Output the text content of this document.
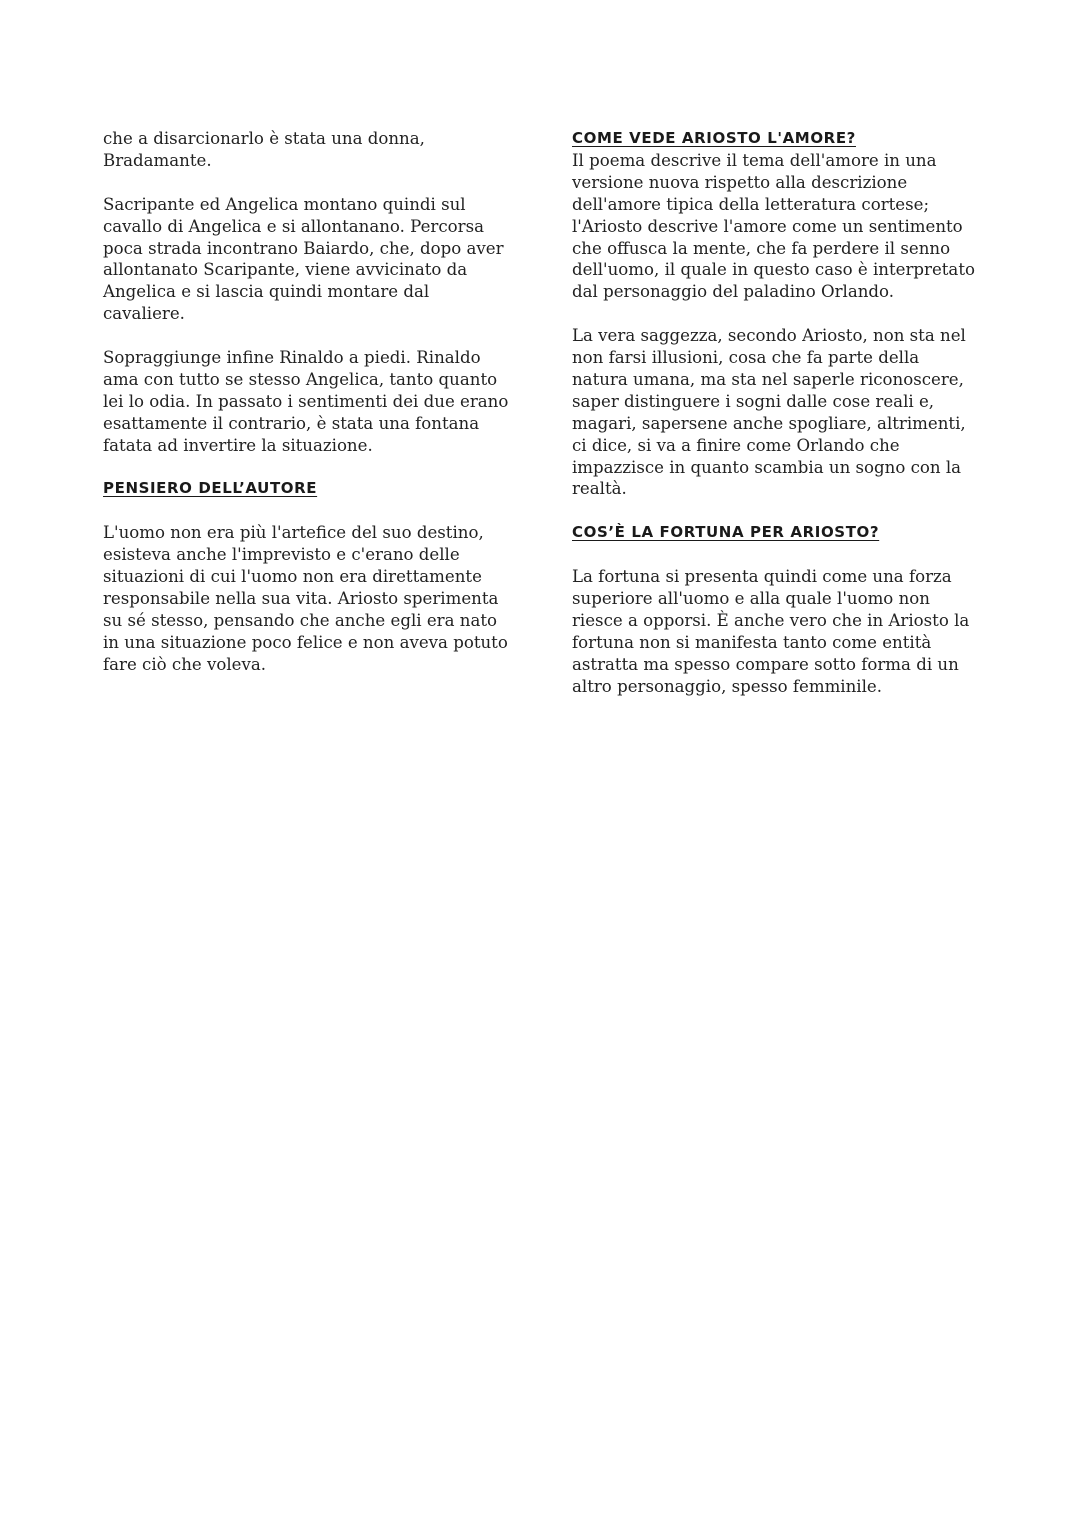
che a disarcionarlo è stata una donna,
Bradamante.

Sacripante ed Angelica montano quindi sul
cavallo di Angelica e si allontanano. Percorsa
poca strada incontrano Baiardo, che, dopo aver
allontanato Scaripante, viene avvicinato da
Angelica e si lascia quindi montare dal
cavaliere.

Sopraggiunge infine Rinaldo a piedi. Rinaldo
ama con tutto se stesso Angelica, tanto quanto
lei lo odia. In passato i sentimenti dei due erano
esattamente il contrario, è stata una fontana
fatata ad invertire la situazione.

PENSIERO DELL’AUTORE

L'uomo non era più l'artefice del suo destino,
esisteva anche l'imprevisto e c'erano delle
situazioni di cui l'uomo non era direttamente
responsabile nella sua vita. Ariosto sperimenta
su sé stesso, pensando che anche egli era nato
in una situazione poco felice e non aveva potuto
fare ciò che voleva.

COME VEDE ARIOSTO L'AMORE?

Il poema descrive il tema dell'amore in una
versione nuova rispetto alla descrizione
dell'amore tipica della letteratura cortese;
l'Ariosto descrive l'amore come un sentimento
che offusca la mente, che fa perdere il senno
dell'uomo, il quale in questo caso è interpretato
dal personaggio del paladino Orlando.

La vera saggezza, secondo Ariosto, non sta nel
non farsi illusioni, cosa che fa parte della
natura umana, ma sta nel saperle riconoscere,
saper distinguere i sogni dalle cose reali e,
magari, sapersene anche spogliare, altrimenti,
ci dice, si va a finire come Orlando che
impazzisce in quanto scambia un sogno con la
realtà.

COS’È LA FORTUNA PER ARIOSTO?

La fortuna si presenta quindi come una forza
superiore all'uomo e alla quale l'uomo non
riesce a opporsi. È anche vero che in Ariosto la
fortuna non si manifesta tanto come entità
astratta ma spesso compare sotto forma di un
altro personaggio, spesso femminile.
